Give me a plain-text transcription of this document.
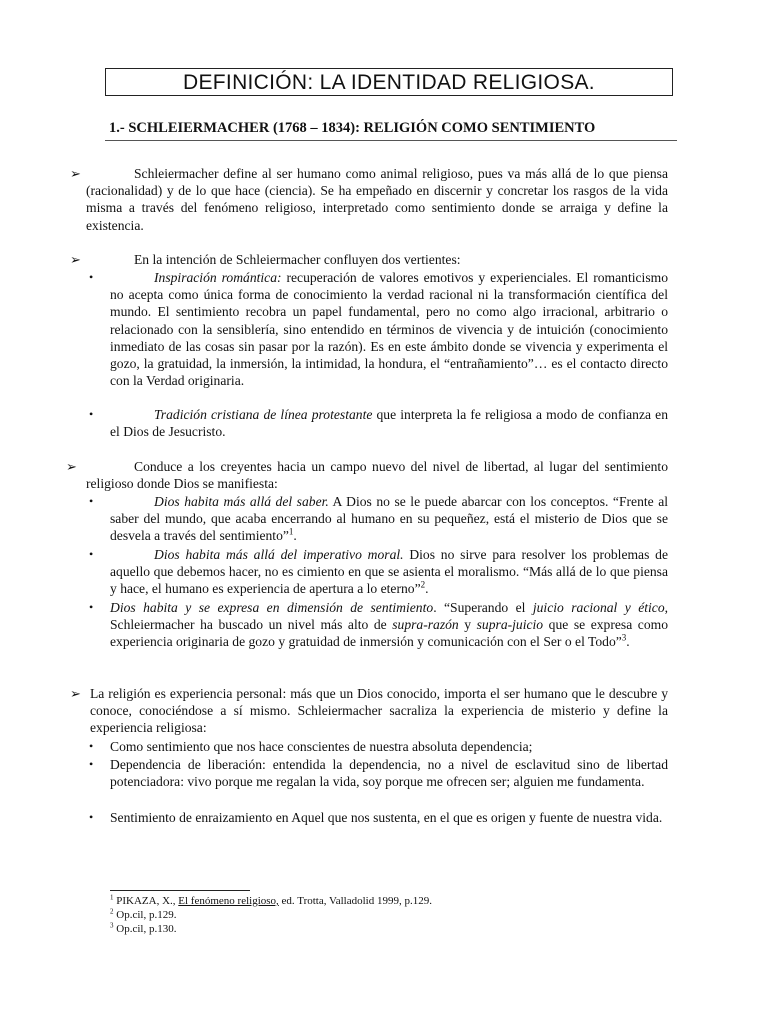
DEFINICIÓN: LA IDENTIDAD RELIGIOSA.
1.- SCHLEIERMACHER (1768 – 1834): RELIGIÓN COMO SENTIMIENTO
➢	Schleiermacher define al ser humano como animal religioso, pues va más allá de lo que piensa (racionalidad) y de lo que hace (ciencia). Se ha empeñado en discernir y concretar los rasgos de la vida misma a través del fenómeno religioso, interpretado como sentimiento donde se arraiga y define la existencia.
➢	En la intención de Schleiermacher confluyen dos vertientes:
•	Inspiración romántica: recuperación de valores emotivos y experienciales. El romanticismo no acepta como única forma de conocimiento la verdad racional ni la transformación científica del mundo. El sentimiento recobra un papel fundamental, pero no como algo irracional, arbitrario o relacionado con la sensiblería, sino entendido en términos de vivencia y de intuición (conocimiento inmediato de las cosas sin pasar por la razón). Es en este ámbito donde se vivencia y experimenta el gozo, la gratuidad, la inmersión, la intimidad, la hondura, el “entrañamiento”… es el contacto directo con la Verdad originaria.
•	Tradición cristiana de línea protestante que interpreta la fe religiosa a modo de confianza en el Dios de Jesucristo.
➢	Conduce a los creyentes hacia un campo nuevo del nivel de libertad, al lugar del sentimiento religioso donde Dios se manifiesta:
•	Dios habita más allá del saber. A Dios no se le puede abarcar con los conceptos. “Frente al saber del mundo, que acaba encerrando al humano en su pequeñez, está el misterio de Dios que se desvela a través del sentimiento”$^1$.
•	Dios habita más allá del imperativo moral. Dios no sirve para resolver los problemas de aquello que debemos hacer, no es cimiento en que se asienta el moralismo. “Más allá de lo que piensa y hace, el humano es experiencia de apertura a lo eterno”$^2$.
• Dios habita y se expresa en dimensión de sentimiento. “Superando el juicio racional y ético, Schleiermacher ha buscado un nivel más alto de supra-razón y supra-juicio que se expresa como experiencia originaria de gozo y gratuidad de inmersión y comunicación con el Ser o el Todo”$^3$.
➢ La religión es experiencia personal: más que un Dios conocido, importa el ser humano que le descubre y conoce, conociéndose a sí mismo. Schleiermacher sacraliza la experiencia de misterio y define la experiencia religiosa:
• Como sentimiento que nos hace conscientes de nuestra absoluta dependencia;
• Dependencia de liberación: entendida la dependencia, no a nivel de esclavitud sino de libertad potenciadora: vivo porque me regalan la vida, soy porque me ofrecen ser; alguien me fundamenta.
• Sentimiento de enraizamiento en Aquel que nos sustenta, en el que es origen y fuente de nuestra vida.
$^1$ PIKAZA, X., El fenómeno religioso, ed. Trotta, Valladolid 1999, p.129.
$^2$ Op.cil, p.129.
$^3$ Op.cil, p.130.
